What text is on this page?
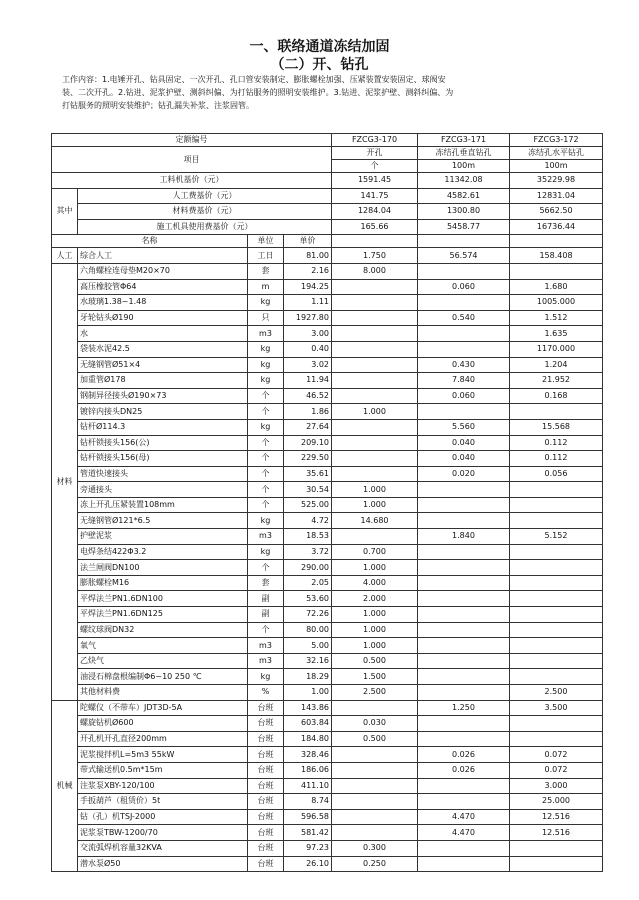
一、联络通道冻结加固
（二）开、钻孔

工作内容：1.电锤开孔、钻具固定、一次开孔、孔口管安装制定、膨胀螺栓加强、压紧装置安装固定、球阀安

装、二次开孔。2.钻进、泥浆护壁、测斜纠偏、为打钻服务的照明安装维护。3.钻进、泥浆护壁、测斜纠偏、为

打钻服务的照明安装维护；钻孔漏失补浆、注浆固管。

定额编号				FZCG3-170	FZCG3-171	FZCG3-172
项目				开孔	冻结孔垂直钻孔	冻结孔水平钻孔
				个	100m	100m
工料机基价（元）				1591.45	11342.08	35229.98
其中	人工费基价（元）			141.75	4582.61	12831.04
	材料费基价（元）			1284.04	1300.80	5662.50
	施工机具使用费基价（元）			165.66	5458.77	16736.44
名称		单位	单价			
人工	综合人工	工日	81.00	1.750	56.574	158.408
材料	六角螺栓连母垫M20×70	套	2.16	8.000		
	高压橡胶管Φ64	m	194.25		0.060	1.680
	水玻璃1.38~1.48	kg	1.11			1005.000
	牙轮钻头Ø190	只	1927.80		0.540	1.512
	水	m3	3.00			1.635
	袋装水泥42.5	kg	0.40			1170.000
	无缝钢管Ø51×4	kg	3.02		0.430	1.204
	加重管Ø178	kg	11.94		7.840	21.952
	钢制异径接头Ø190×73	个	46.52		0.060	0.168
	镀锌内接头DN25	个	1.86	1.000		
	钻杆Ø114.3	kg	27.64		5.560	15.568
	钻杆锁接头156(公)	个	209.10		0.040	0.112
	钻杆锁接头156(母)	个	229.50		0.040	0.112
	管道快速接头	个	35.61		0.020	0.056
	旁通接头	个	30.54	1.000		
	冻上开孔压紧装置108mm	个	525.00	1.000		
	无缝钢管Ø121*6.5	kg	4.72	14.680		
	护壁泥浆	m3	18.53		1.840	5.152
	电焊条结422Φ3.2	kg	3.72	0.700		
	法兰闸阀DN100	个	290.00	1.000		
	膨胀螺栓M16	套	2.05	4.000		
	平焊法兰PN1.6DN100	副	53.60	2.000		
	平焊法兰PN1.6DN125	副	72.26	1.000		
	螺纹球阀DN32	个	80.00	1.000		
	氧气	m3	5.00	1.000		
	乙炔气	m3	32.16	0.500		
	油浸石棉盘根编制Φ6~10 250 ℃	kg	18.29	1.500		
	其他材料费	%	1.00	2.500		2.500
机械	陀螺仪（不带车）JDT3D-5A	台班	143.86		1.250	3.500
	螺旋钻机Ø600	台班	603.84	0.030		
	开孔机开孔直径200mm	台班	184.80	0.500		
	泥浆搅拌机L=5m3 55kW	台班	328.46		0.026	0.072
	带式输送机0.5m*15m	台班	186.06		0.026	0.072
	注浆泵XBY-120/100	台班	411.10			3.000
	手扳葫芦（租赁价）5t	台班	8.74			25.000
	钻（孔）机TSJ-2000	台班	596.58		4.470	12.516
	泥浆泵TBW-1200/70	台班	581.42		4.470	12.516
	交流弧焊机容量32KVA	台班	97.23	0.300		
	潜水泵Ø50	台班	26.10	0.250		
